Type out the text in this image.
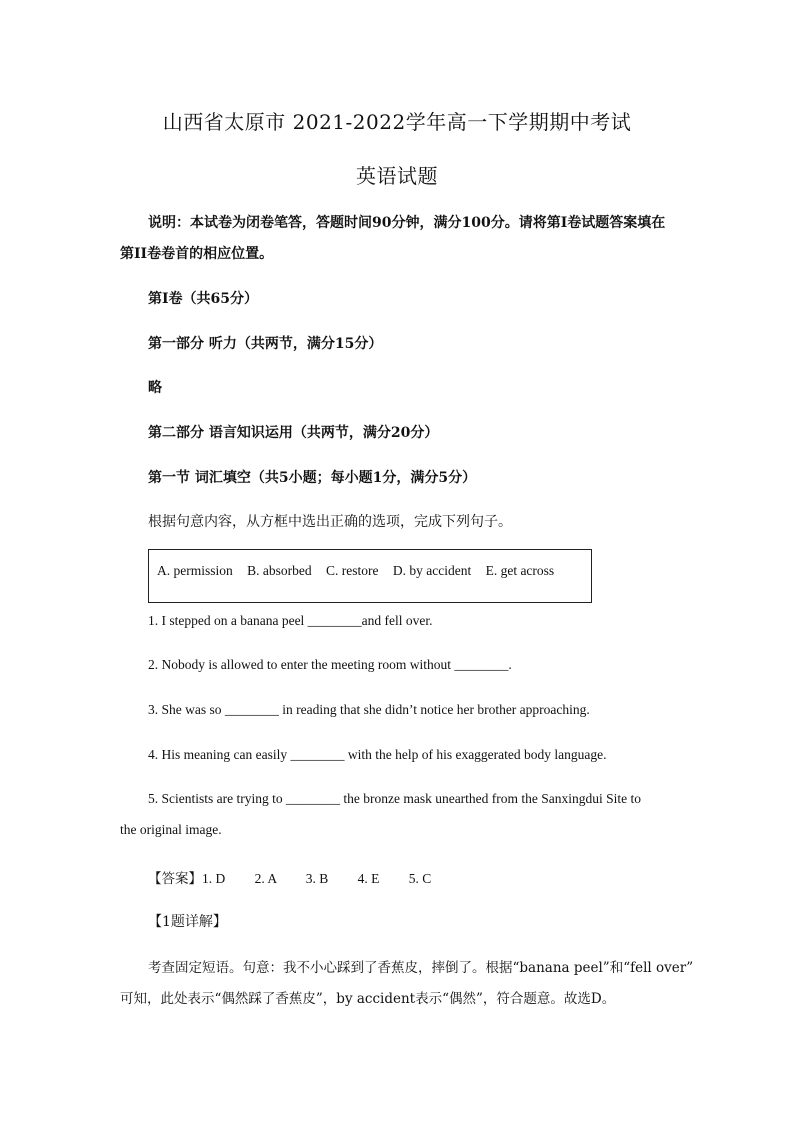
山西省太原市 2021-2022学年高一下学期期中考试
英语试题
说明：本试卷为闭卷笔答，答题时间90分钟，满分100分。请将第I卷试题答案填在
第II卷卷首的相应位置。
第I卷（共65分）
第一部分 听力（共两节，满分15分）
略
第二部分 语言知识运用（共两节，满分20分）
第一节 词汇填空（共5小题；每小题1分，满分5分）
根据句意内容，从方框中选出正确的选项，完成下列句子。
A. permission B. absorbed C. restore D. by accident E. get across
1. I stepped on a banana peel ________and fell over.
2. Nobody is allowed to enter the meeting room without ________.
3. She was so ________ in reading that she didn’t notice her brother approaching.
4. His meaning can easily ________ with the help of his exaggerated body language.
5. Scientists are trying to ________ the bronze mask unearthed from the Sanxingdui Site to
the original image.
【答案】1. D 2. A 3. B 4. E 5. C
【1题详解】
考查固定短语。句意：我不小心踩到了香蕉皮，摔倒了。根据“banana peel”和“fell over”
可知，此处表示“偶然踩了香蕉皮”，by accident表示“偶然”，符合题意。故选D。
